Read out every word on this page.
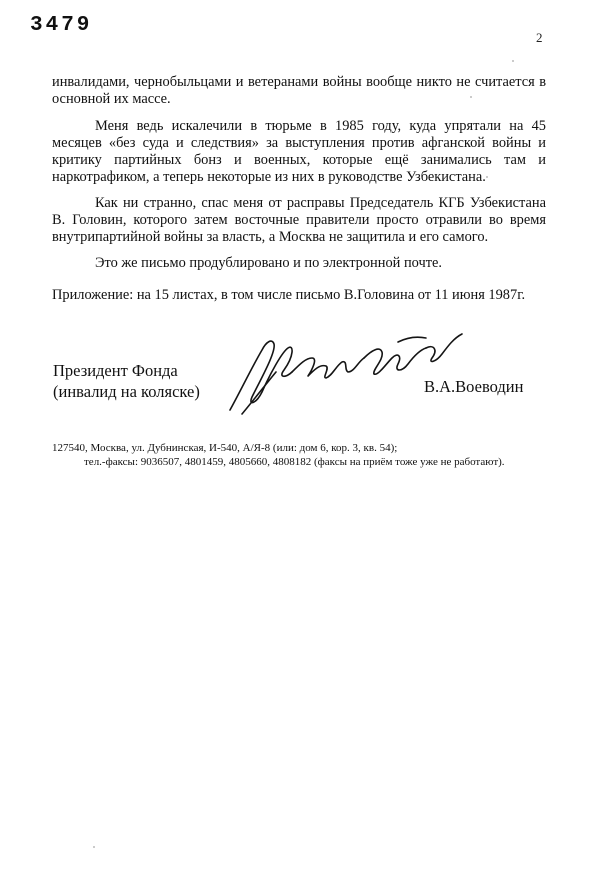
3479
2

инвалидами, чернобыльцами и ветеранами войны вообще никто не считается в основной их массе.

Меня ведь искалечили в тюрьме в 1985 году, куда упрятали на 45 месяцев «без суда и следствия» за выступления против афганской войны и критику партийных бонз и военных, которые ещё занимались там и наркотрафиком, а теперь некоторые из них в руководстве Узбекистана.

Как ни странно, спас меня от расправы Председатель КГБ Узбекистана В. Головин, которого затем восточные правители просто отравили во время внутрипартийной войны за власть, а Москва не защитила и его самого.

Это же письмо продублировано и по электронной почте.

Приложение: на 15 листах, в том числе письмо В.Головина от 11 июня 1987г.

Президент Фонда
(инвалид на коляске)	В.А.Воеводин
127540, Москва, ул. Дубнинская, И-540, А/Я-8 (или: дом 6, кор. 3, кв. 54);
тел.-факсы: 9036507, 4801459, 4805660, 4808182 (факсы на приём тоже уже не работают).
